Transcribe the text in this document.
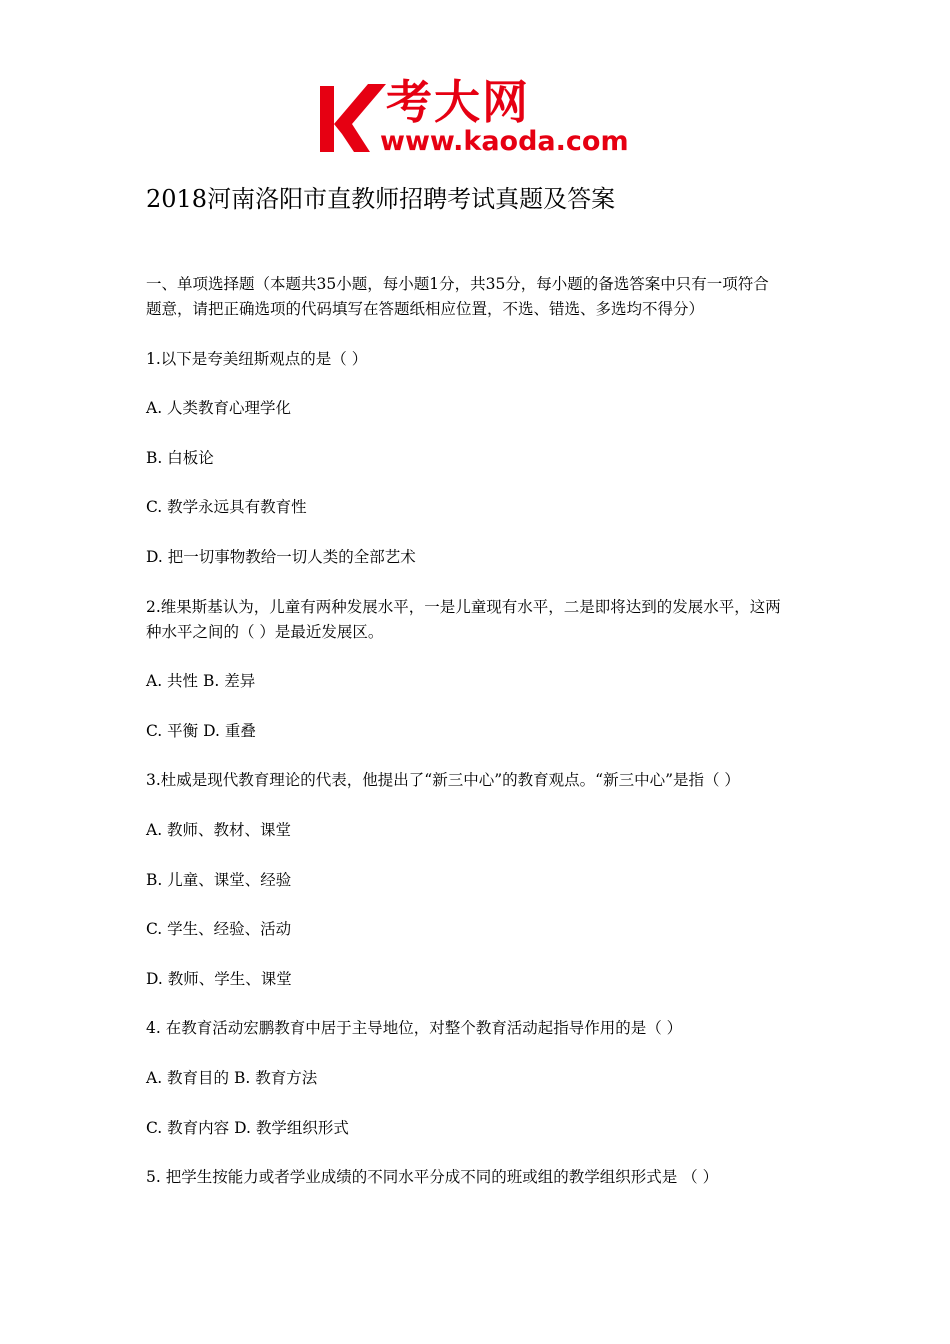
考大网
www.kaoda.com
2018河南洛阳市直教师招聘考试真题及答案
一、单项选择题（本题共35小题，每小题1分，共35分，每小题的备选答案中只有一项符合
题意，请把正确选项的代码填写在答题纸相应位置，不选、错选、多选均不得分）
1.以下是夸美纽斯观点的是（ ）
A. 人类教育心理学化
B. 白板论
C. 教学永远具有教育性
D. 把一切事物教给一切人类的全部艺术
2.维果斯基认为，儿童有两种发展水平，一是儿童现有水平，二是即将达到的发展水平，这两
种水平之间的（ ）是最近发展区。
A. 共性 B. 差异
C. 平衡 D. 重叠
3.杜威是现代教育理论的代表，他提出了“新三中心”的教育观点。“新三中心”是指（ ）
A. 教师、教材、课堂
B. 儿童、课堂、经验
C. 学生、经验、活动
D. 教师、学生、课堂
4. 在教育活动宏鹏教育中居于主导地位，对整个教育活动起指导作用的是（ ）
A. 教育目的 B. 教育方法
C. 教育内容 D. 教学组织形式
5. 把学生按能力或者学业成绩的不同水平分成不同的班或组的教学组织形式是 （ ）
